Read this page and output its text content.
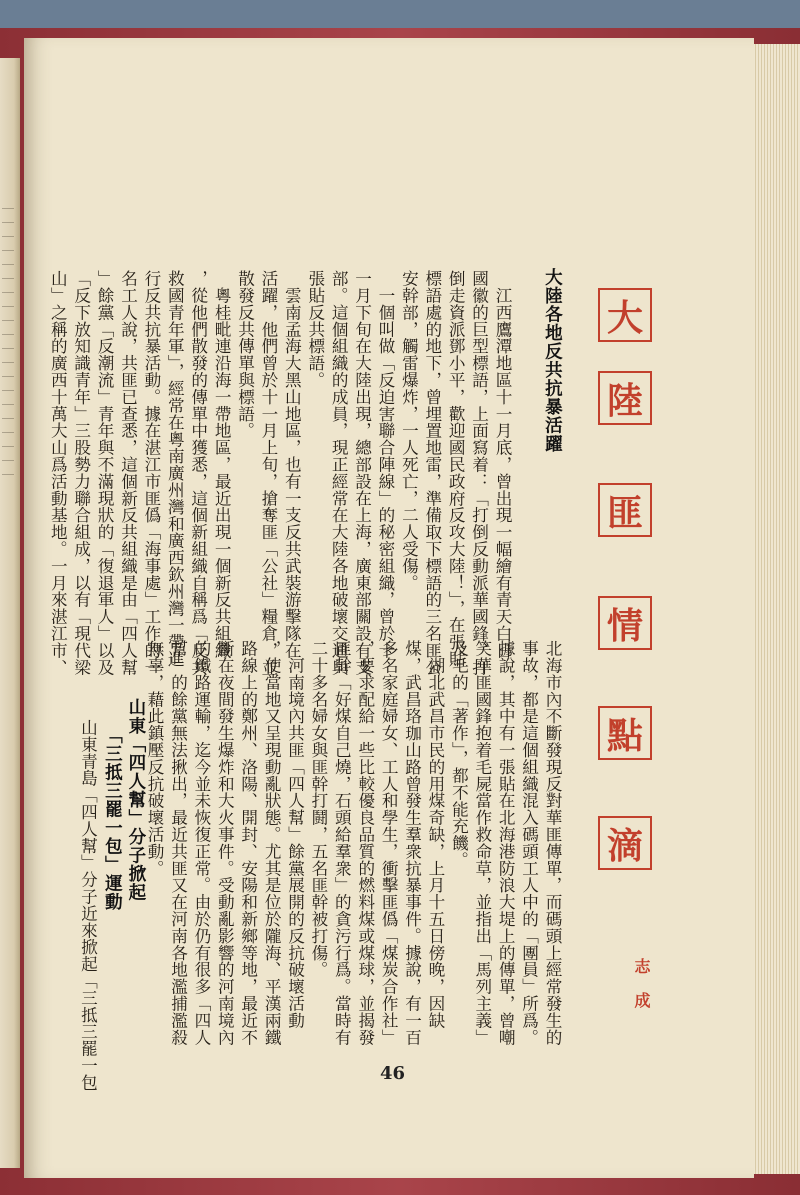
大
陸
匪
情
點
滴
志成
大陸各地反共抗暴活躍
　江西鷹潭地區十一月底，曾出現一幅繪有青天白日
國徽的巨型標語，上面寫着：「打倒反動派華國鋒、打
倒走資派鄧小平，歡迎國民政府反攻大陸！」，在張貼
標語處的地下，曾埋置地雷，準備取下標語的三名匪公
安幹部，觸雷爆炸，一人死亡，二人受傷。
　一個叫做「反迫害聯合陣線」的秘密組織，曾於十
一月下旬在大陸出現，總部設在上海，廣東部關設有支
部。這個組織的成員，現正經常在大陸各地破壞交通與
張貼反共標語。
　雲南孟海大黑山地區，也有一支反共武裝游擊隊在
活躍，他們曾於十一月上旬，搶奪匪「公社」糧倉，並
散發反共傳單與標語。
　粵桂毗連沿海一帶地區，最近出現一個新反共組織
，從他們散發的傳單中獲悉，這個新組織自稱爲「反共
救國青年軍」，經常在粵南廣州灣和廣西欽州灣一帶進
行反共抗暴活動。據在湛江市匪僞「海事處」工作的一
名工人說，共匪已查悉，這個新反共組織是由「四人幫
」餘黨「反潮流」青年與不滿現狀的「復退軍人」以及
「反下放知識青年」三股勢力聯合組成，以有「現代梁
山」之稱的廣西十萬大山爲活動基地。一月來湛江市、
北海市內不斷發現反對華匪傳單，而碼頭上經常發生的
事故，都是這個組織混入碼頭工人中的「團員」所爲。
據說，其中有一張貼在北海港防浪大堤上的傳單，曾嘲
笑華匪國鋒抱着毛屍當作救命草，並指出「馬列主義」
及毛的「著作」，都不能充饑。
　湖北武昌市民的用煤奇缺，上月十五日傍晚，因缺
煤，武昌珞珈山路曾發生羣衆抗暴事件。據說，有一百
多名家庭婦女、工人和學生，衝擊匪僞「煤炭合作社」
，要求配給一些比較優良品質的燃料煤或煤球，並揭發
匪幹「好煤自己燒，石頭給羣衆」的貪污行爲。當時有
二十多名婦女與匪幹打鬪，五名匪幹被打傷。
　河南境內共匪「四人幫」餘黨展開的反抗破壞活動
，使當地又呈現動亂狀態。尤其是位於隴海、平漢兩鐵
路線上的鄭州、洛陽、開封、安陽和新鄉等地，最近不
斷在夜間發生爆炸和大火事件。受動亂影響的河南境內
的鐵路運輸，迄今並未恢復正常。由於仍有很多「四人
幫」的餘黨無法揪出，最近共匪又在河南各地濫捕濫殺
無辜，藉此鎮壓反抗破壞活動。
山東「四人幫」分子掀起
　　「三抵三罷一包」運動
　山東青島「四人幫」分子近來掀起「三抵三罷一包	46
